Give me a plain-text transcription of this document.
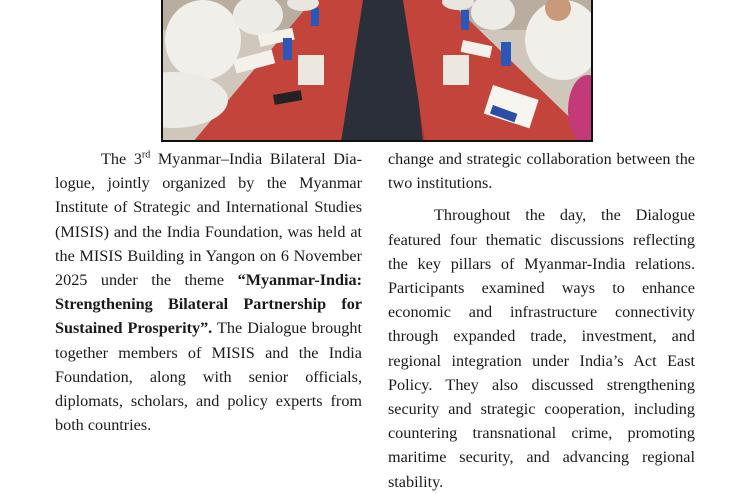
The 3rd Myanmar–India Bilateral Dialogue, jointly organized by the Myanmar Institute of Strategic and International Studies (MISIS) and the India Foundation, was held at the MISIS Building in Yangon on 6 November 2025 under the theme “Myanmar-India: Strengthening Bilateral Partnership for Sustained Prosperity”. The Dialogue brought together members of MISIS and the India Foundation, along with senior officials, diplomats, scholars, and policy experts from both countries.

change and strategic collaboration between the two institutions.

Throughout the day, the Dialogue featured four thematic discussions reflecting the key pillars of Myanmar-India relations. Participants examined ways to enhance economic and infrastructure connectivity through expanded trade, investment, and regional integration under India’s Act East Policy. They also discussed strengthening security and strategic cooperation, including countering transnational crime, promoting maritime security, and advancing regional stability.
